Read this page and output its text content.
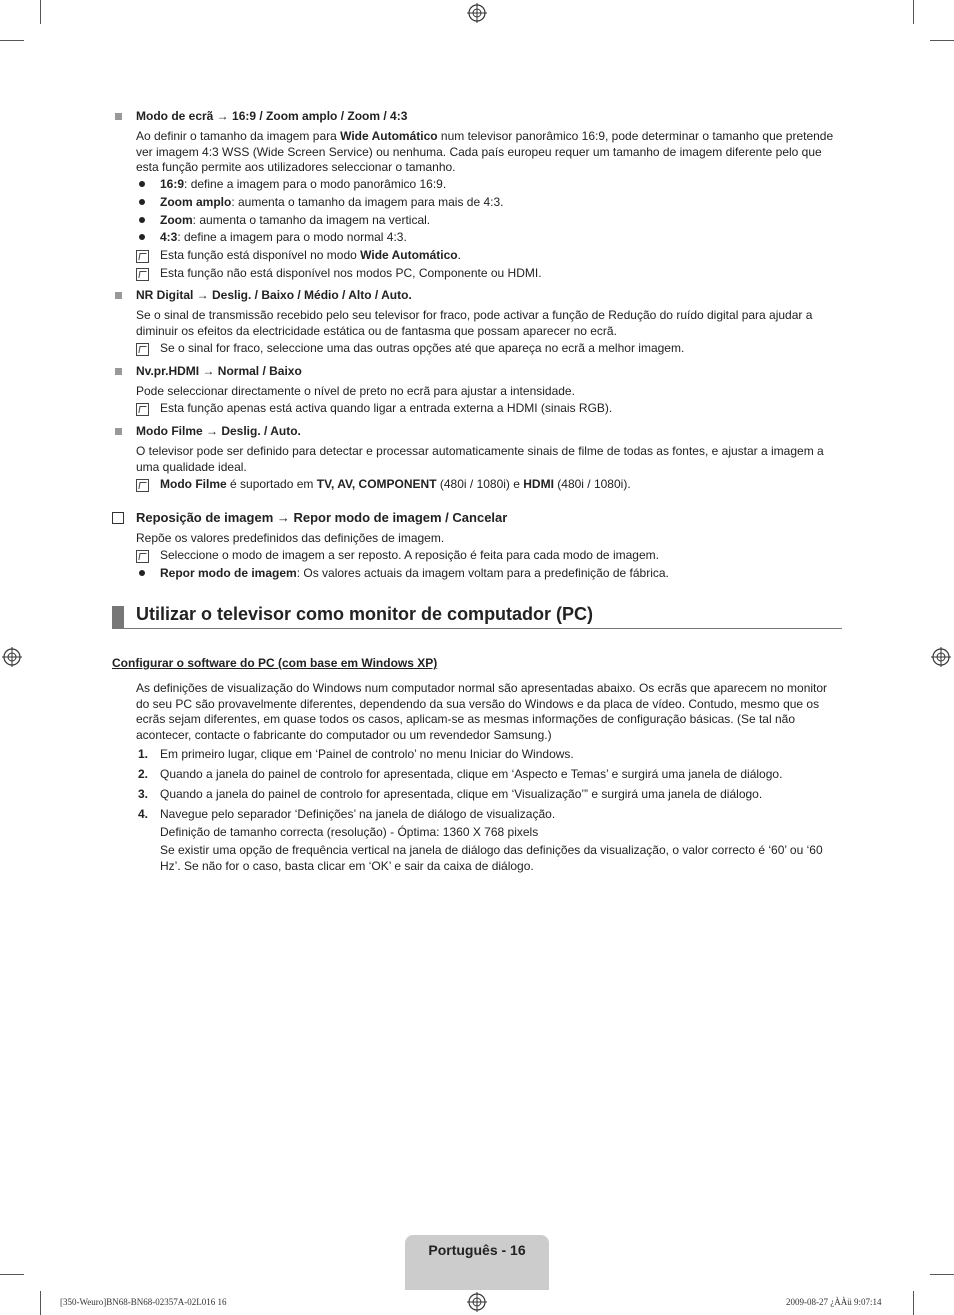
Modo de ecrã → 16:9 / Zoom amplo / Zoom / 4:3
Ao definir o tamanho da imagem para Wide Automático num televisor panorâmico 16:9, pode determinar o tamanho que pretende ver imagem 4:3 WSS (Wide Screen Service) ou nenhuma. Cada país europeu requer um tamanho de imagem diferente pelo que esta função permite aos utilizadores seleccionar o tamanho.
16:9: define a imagem para o modo panorâmico 16:9.
Zoom amplo: aumenta o tamanho da imagem para mais de 4:3.
Zoom: aumenta o tamanho da imagem na vertical.
4:3: define a imagem para o modo normal 4:3.
Esta função está disponível no modo Wide Automático.
Esta função não está disponível nos modos PC, Componente ou HDMI.
NR Digital → Deslig. / Baixo / Médio / Alto / Auto.
Se o sinal de transmissão recebido pelo seu televisor for fraco, pode activar a função de Redução do ruído digital para ajudar a diminuir os efeitos da electricidade estática ou de fantasma que possam aparecer no ecrã.
Se o sinal for fraco, seleccione uma das outras opções até que apareça no ecrã a melhor imagem.
Nv.pr.HDMI → Normal / Baixo
Pode seleccionar directamente o nível de preto no ecrã para ajustar a intensidade.
Esta função apenas está activa quando ligar a entrada externa a HDMI (sinais RGB).
Modo Filme → Deslig. / Auto.
O televisor pode ser definido para detectar e processar automaticamente sinais de filme de todas as fontes, e ajustar a imagem a uma qualidade ideal.
Modo Filme é suportado em TV, AV, COMPONENT (480i / 1080i) e HDMI (480i / 1080i).
Reposição de imagem → Repor modo de imagem / Cancelar
Repõe os valores predefinidos das definições de imagem.
Seleccione o modo de imagem a ser reposto. A reposição é feita para cada modo de imagem.
Repor modo de imagem: Os valores actuais da imagem voltam para a predefinição de fábrica.
Utilizar o televisor como monitor de computador (PC)
Configurar o software do PC (com base em Windows XP)
As definições de visualização do Windows num computador normal são apresentadas abaixo. Os ecrãs que aparecem no monitor do seu PC são provavelmente diferentes, dependendo da sua versão do Windows e da placa de vídeo. Contudo, mesmo que os ecrãs sejam diferentes, em quase todos os casos, aplicam-se as mesmas informações de configuração básicas. (Se tal não acontecer, contacte o fabricante do computador ou um revendedor Samsung.)
1. Em primeiro lugar, clique em ‘Painel de controlo’ no menu Iniciar do Windows.
2. Quando a janela do painel de controlo for apresentada, clique em ‘Aspecto e Temas’ e surgirá uma janela de diálogo.
3. Quando a janela do painel de controlo for apresentada, clique em ‘Visualização’” e surgirá uma janela de diálogo.
4. Navegue pelo separador ‘Definições’ na janela de diálogo de visualização.
Definição de tamanho correcta (resolução) - Óptima: 1360 X 768 pixels
Se existir uma opção de frequência vertical na janela de diálogo das definições da visualização, o valor correcto é ‘60’ ou ‘60 Hz’. Se não for o caso, basta clicar em ‘OK’ e sair da caixa de diálogo.
Português - 16
[350-Weuro]BN68-BN68-02357A-02L016 16	2009-08-27 ¿ÀÀü 9:07:14
